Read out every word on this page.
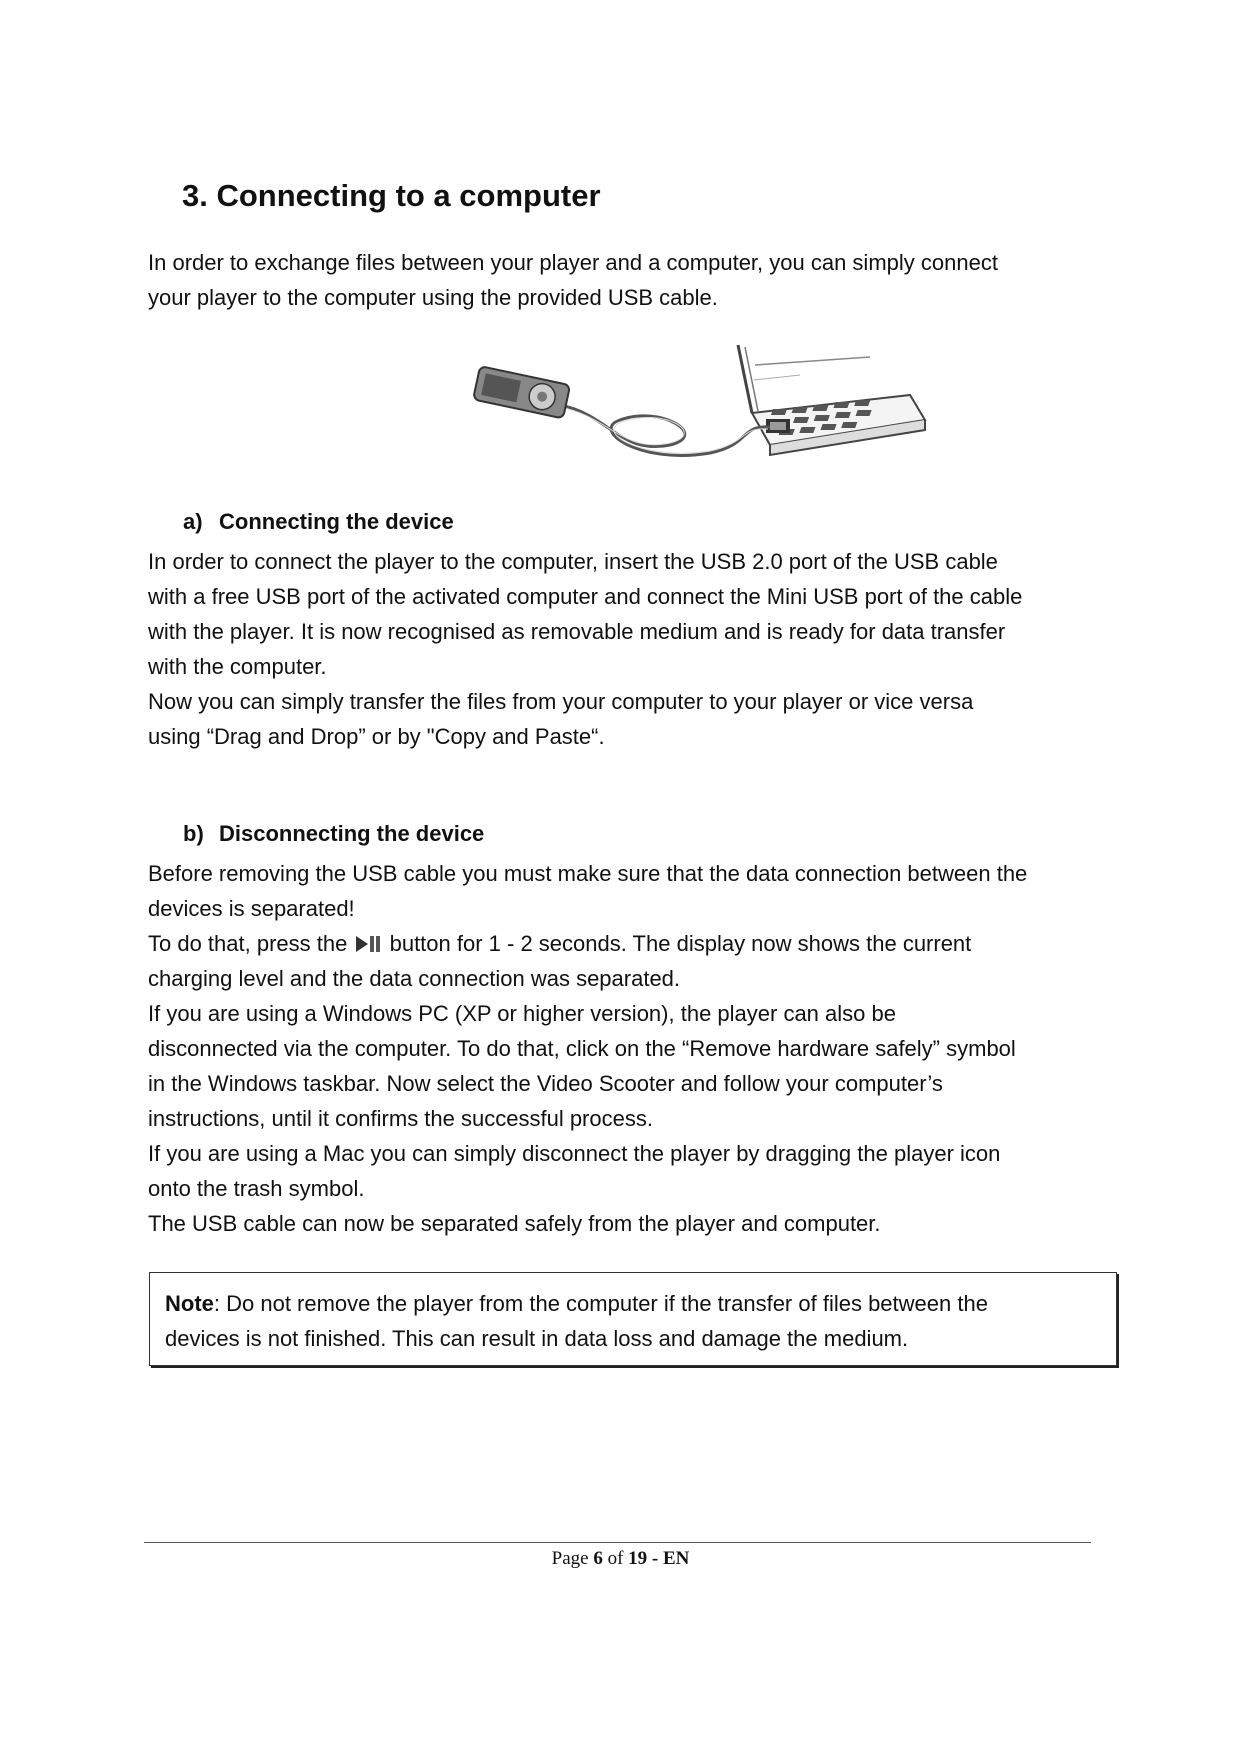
3. Connecting to a computer

In order to exchange files between your player and a computer, you can simply connect
your player to the computer using the provided USB cable.

a) Connecting the device

In order to connect the player to the computer, insert the USB 2.0 port of the USB cable
with a free USB port of the activated computer and connect the Mini USB port of the cable
with the player. It is now recognised as removable medium and is ready for data transfer
with the computer.
Now you can simply transfer the files from your computer to your player or vice versa
using “Drag and Drop” or by "Copy and Paste“.

b) Disconnecting the device

Before removing the USB cable you must make sure that the data connection between the
devices is separated!
To do that, press the button for 1 - 2 seconds. The display now shows the current
charging level and the data connection was separated.
If you are using a Windows PC (XP or higher version), the player can also be
disconnected via the computer. To do that, click on the “Remove hardware safely” symbol
in the Windows taskbar. Now select the Video Scooter and follow your computer’s
instructions, until it confirms the successful process.
If you are using a Mac you can simply disconnect the player by dragging the player icon
onto the trash symbol.
The USB cable can now be separated safely from the player and computer.

Note: Do not remove the player from the computer if the transfer of files between the
devices is not finished. This can result in data loss and damage the medium.
Page 6 of 19 - EN
